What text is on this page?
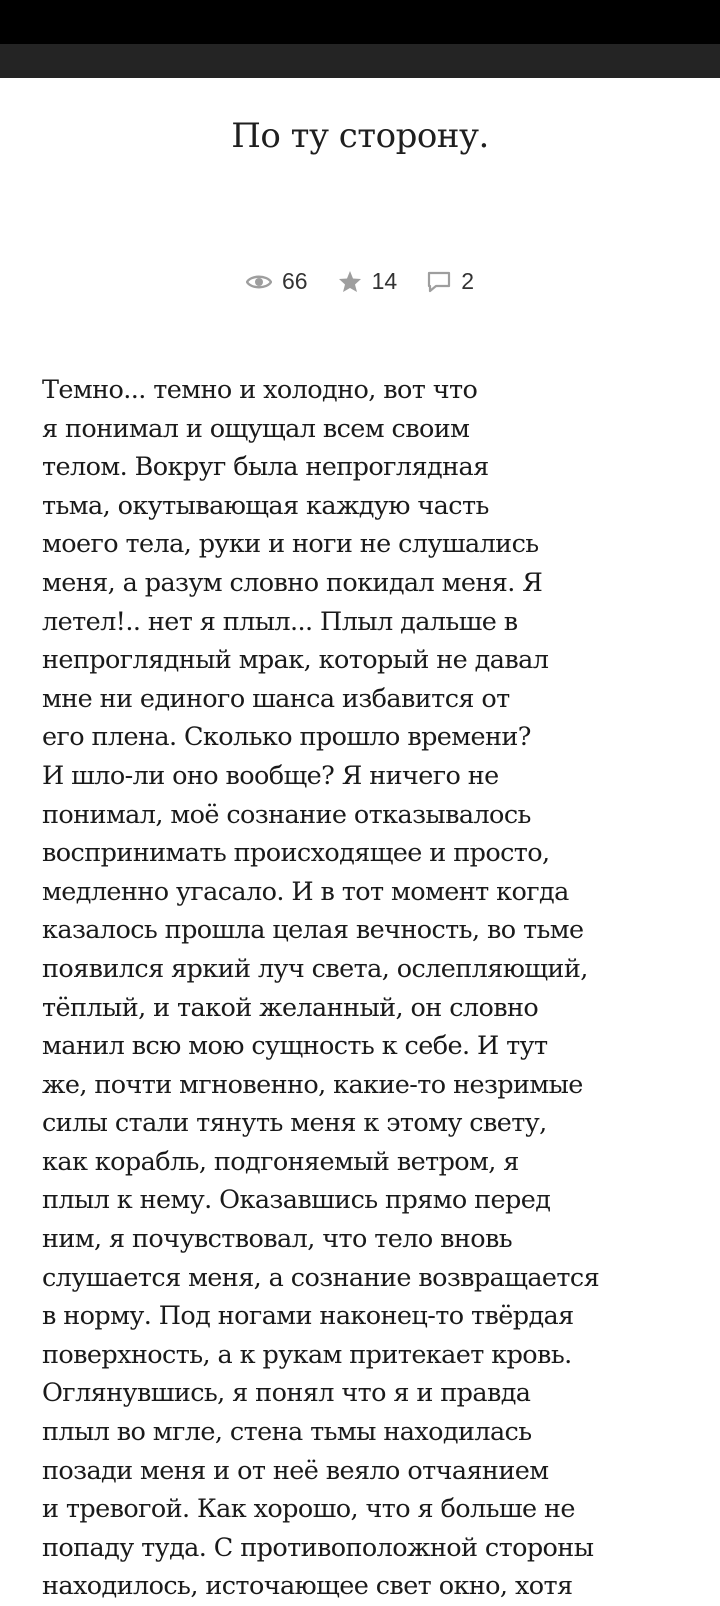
По ту сторону.
66	14	2
Темно... темно и холодно, вот что
я понимал и ощущал всем своим
телом. Вокруг была непроглядная
тьма, окутывающая каждую часть
моего тела, руки и ноги не слушались
меня, а разум словно покидал меня. Я
летел!.. нет я плыл... Плыл дальше в
непроглядный мрак, который не давал
мне ни единого шанса избавится от
его плена. Сколько прошло времени?
И шло-ли оно вообще? Я ничего не
понимал, моё сознание отказывалось
воспринимать происходящее и просто,
медленно угасало. И в тот момент когда
казалось прошла целая вечность, во тьме
появился яркий луч света, ослепляющий,
тёплый, и такой желанный, он словно
манил всю мою сущность к себе. И тут
же, почти мгновенно, какие-то незримые
силы стали тянуть меня к этому свету,
как корабль, подгоняемый ветром, я
плыл к нему. Оказавшись прямо перед
ним, я почувствовал, что тело вновь
слушается меня, а сознание возвращается
в норму. Под ногами наконец-то твёрдая
поверхность, а к рукам притекает кровь.
Оглянувшись, я понял что я и правда
плыл во мгле, стена тьмы находилась
позади меня и от неё веяло отчаянием
и тревогой. Как хорошо, что я больше не
попаду туда. С противоположной стороны
находилось, источающее свет окно, хотя
